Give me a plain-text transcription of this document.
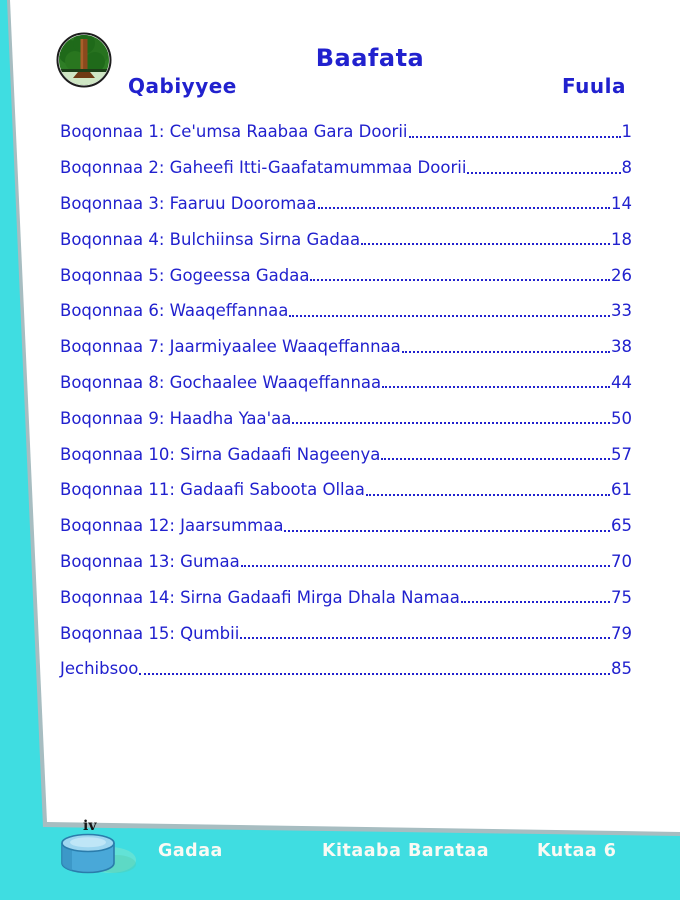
Baafata
Qabiyyee	Fuula
Boqonnaa 1: Ce'umsa Raabaa Gara Doorii	1
Boqonnaa 2: Gaheefi Itti-Gaafatamummaa Doorii	8
Boqonnaa 3: Faaruu Dooromaa	14
Boqonnaa 4: Bulchiinsa Sirna Gadaa	18
Boqonnaa 5: Gogeessa Gadaa	26
Boqonnaa 6: Waaqeffannaa	33
Boqonnaa 7: Jaarmiyaalee Waaqeffannaa	38
Boqonnaa 8: Gochaalee Waaqeffannaa	44
Boqonnaa 9: Haadha Yaa'aa	50
Boqonnaa 10: Sirna Gadaafi Nageenya	57
Boqonnaa 11: Gadaafi Saboota Ollaa	61
Boqonnaa 12: Jaarsummaa	65
Boqonnaa 13: Gumaa	70
Boqonnaa 14: Sirna Gadaafi Mirga Dhala Namaa	75
Boqonnaa 15: Qumbii	79
Jechibsoo	85
iv
Gadaa	Kitaaba Barataa	Kutaa 6
